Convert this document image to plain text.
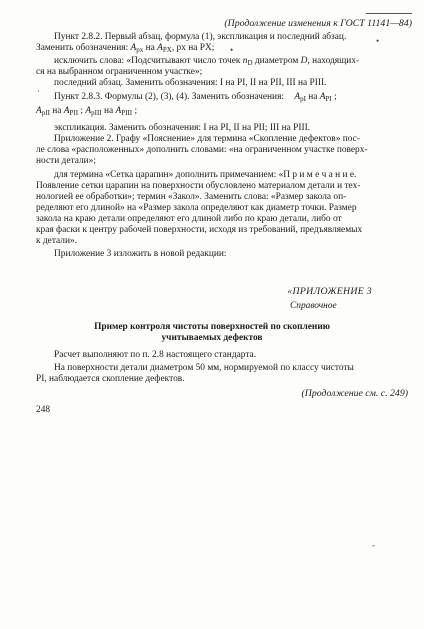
(Продолжение изменения к ГОСТ 11141—84)
Пункт 2.8.2. Первый абзац, формула (1), экспликация и последний абзац.
Заменить обозначения: $A_{px}$ на $A_{PX}$, px на PX;
исключить слова: «Подсчитывают число точек $n_D$ диаметром D, находящих-
ся на выбранном ограниченном участке»;
последний абзац. Заменить обозначения: I на PI, II на PII, III на PIII.
Пункт 2.8.3. Формулы (2), (3), (4). Заменить обозначения: $A_{pI}$ на $A_{PI}$ ;
$A_{pII}$ на $A_{PII}$ ; $A_{pIII}$ на $A_{PIII}$ ;
экспликация. Заменить обозначения: I на PI, II на PII; III на PIII.
Приложение 2. Графу «Пояснение» для термина «Скопление дефектов» пос-
ле слова «расположенных» дополнить словами: «на ограниченном участке поверх-
ности детали»;
для термина «Сетка царапин» дополнить примечанием: «П р и м е ч а н и е.
Появление сетки царапин на поверхности обусловлено материалом детали и тех-
нологией ее обработки»; термин «Закол». Заменить слова: «Размер закола оп-
ределяют его длиной» на «Размер закола определяют как диаметр точки. Размер
закола на краю детали определяют его длиной либо по краю детали, либо от
края фаски к центру рабочей поверхности, исходя из требований, предъявляемых
к детали».
Приложение 3 изложить в новой редакции:
«ПРИЛОЖЕНИЕ 3
Справочное
Пример контроля чистоты поверхностей по скоплению
учитываемых дефектов
Расчет выполняют по п. 2.8 настоящего стандарта.
На поверхности детали диаметром 50 мм, нормируемой по классу чистоты
PI, наблюдается скопление дефектов.
(Продолжение см. с. 249)
248
•
•
·
-
